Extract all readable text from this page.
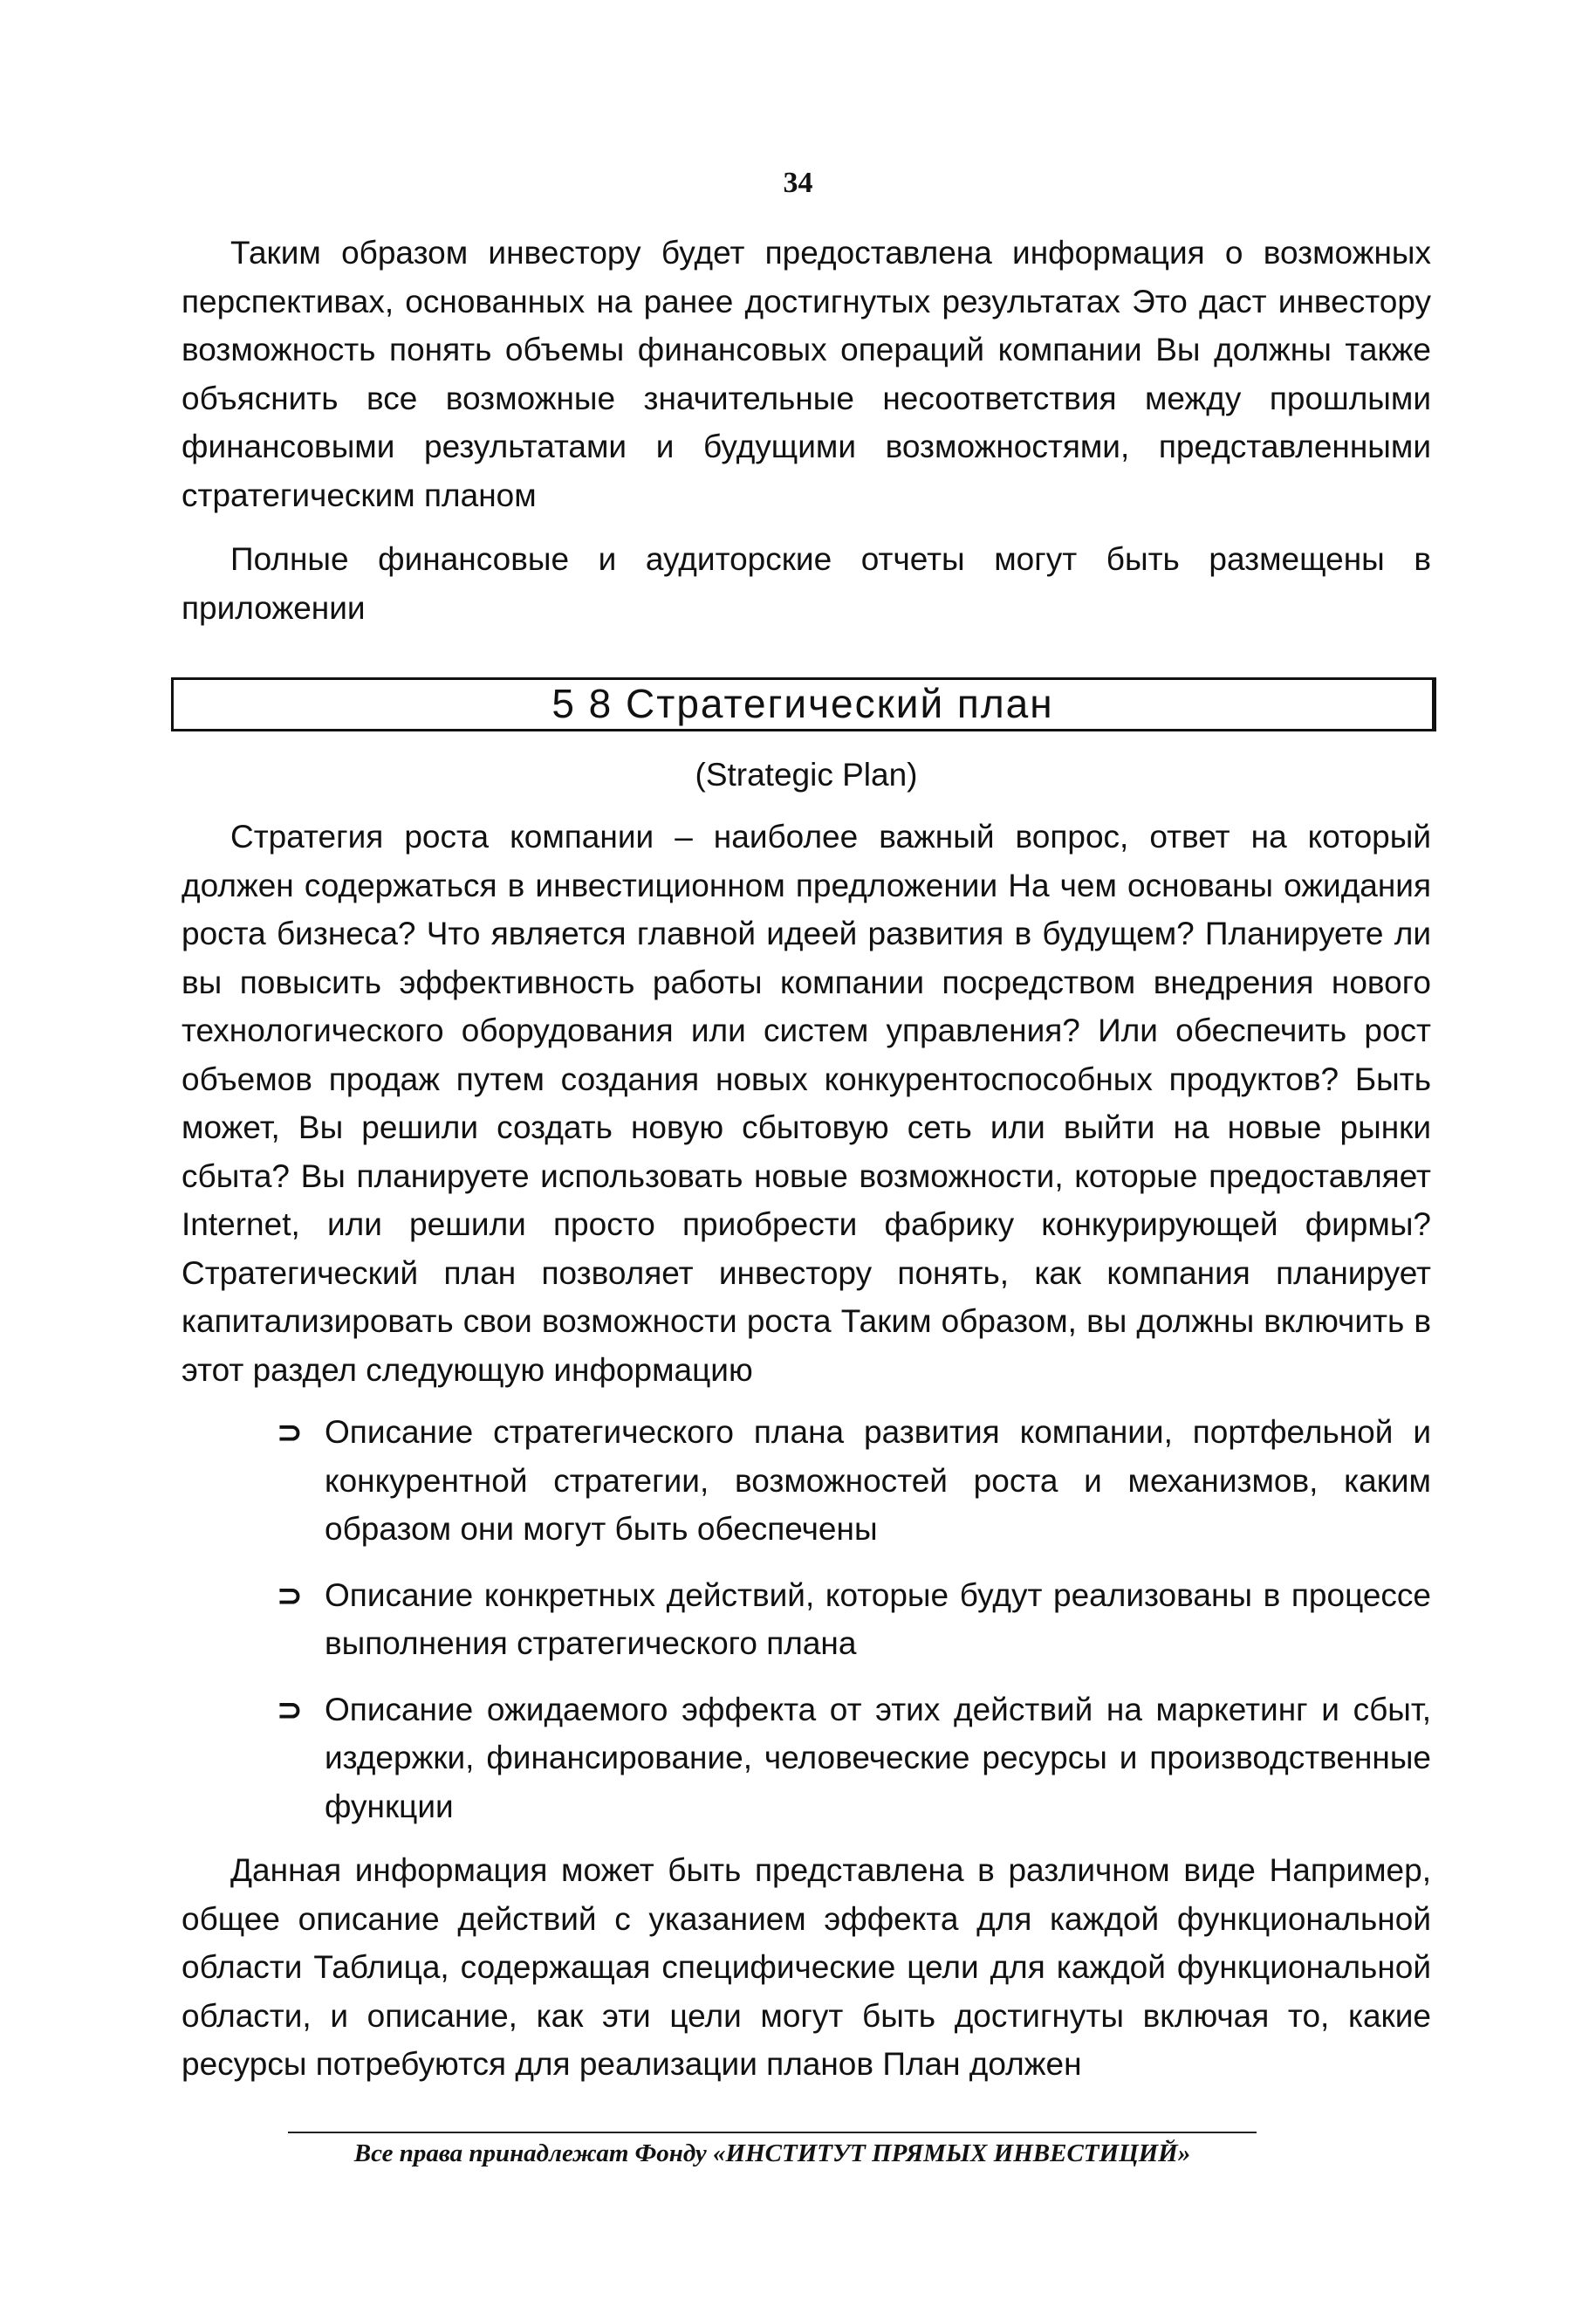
34

Таким образом инвестору будет предоставлена информация о возможных перспективах, основанных на ранее достигнутых результатах Это даст инвестору возможность понять объемы финансовых операций компании Вы должны также объяснить все возможные значительные несоответствия между прошлыми финансовыми результатами и будущими возможностями, представленными стратегическим планом

Полные финансовые и аудиторские отчеты могут быть размещены в приложении

5 8 Стратегический план
(Strategic Plan)

Стратегия роста компании – наиболее важный вопрос, ответ на который должен содержаться в инвестиционном предложении На чем основаны ожидания роста бизнеса? Что является главной идеей развития в будущем? Планируете ли вы повысить эффективность работы компании посредством внедрения нового технологического оборудования или систем управления? Или обеспечить рост объемов продаж путем создания новых конкурентоспособных продуктов? Быть может, Вы решили создать новую сбытовую сеть или выйти на новые рынки сбыта? Вы планируете использовать новые возможности, которые предоставляет Internet, или решили просто приобрести фабрику конкурирующей фирмы? Стратегический план позволяет инвестору понять, как компания планирует капитализировать свои возможности роста Таким образом, вы должны включить в этот раздел следующую информацию

⊃ Описание стратегического плана развития компании, портфельной и конкурентной стратегии, возможностей роста и механизмов, каким образом они могут быть обеспечены
⊃ Описание конкретных действий, которые будут реализованы в процессе выполнения стратегического плана
⊃ Описание ожидаемого эффекта от этих действий на маркетинг и сбыт, издержки, финансирование, человеческие ресурсы и производственные функции

Данная информация может быть представлена в различном виде Например, общее описание действий с указанием эффекта для каждой функциональной области Таблица, содержащая специфические цели для каждой функциональной области, и описание, как эти цели могут быть достигнуты включая то, какие ресурсы потребуются для реализации планов План должен

Все права принадлежат Фонду «ИНСТИТУТ ПРЯМЫХ ИНВЕСТИЦИЙ»
